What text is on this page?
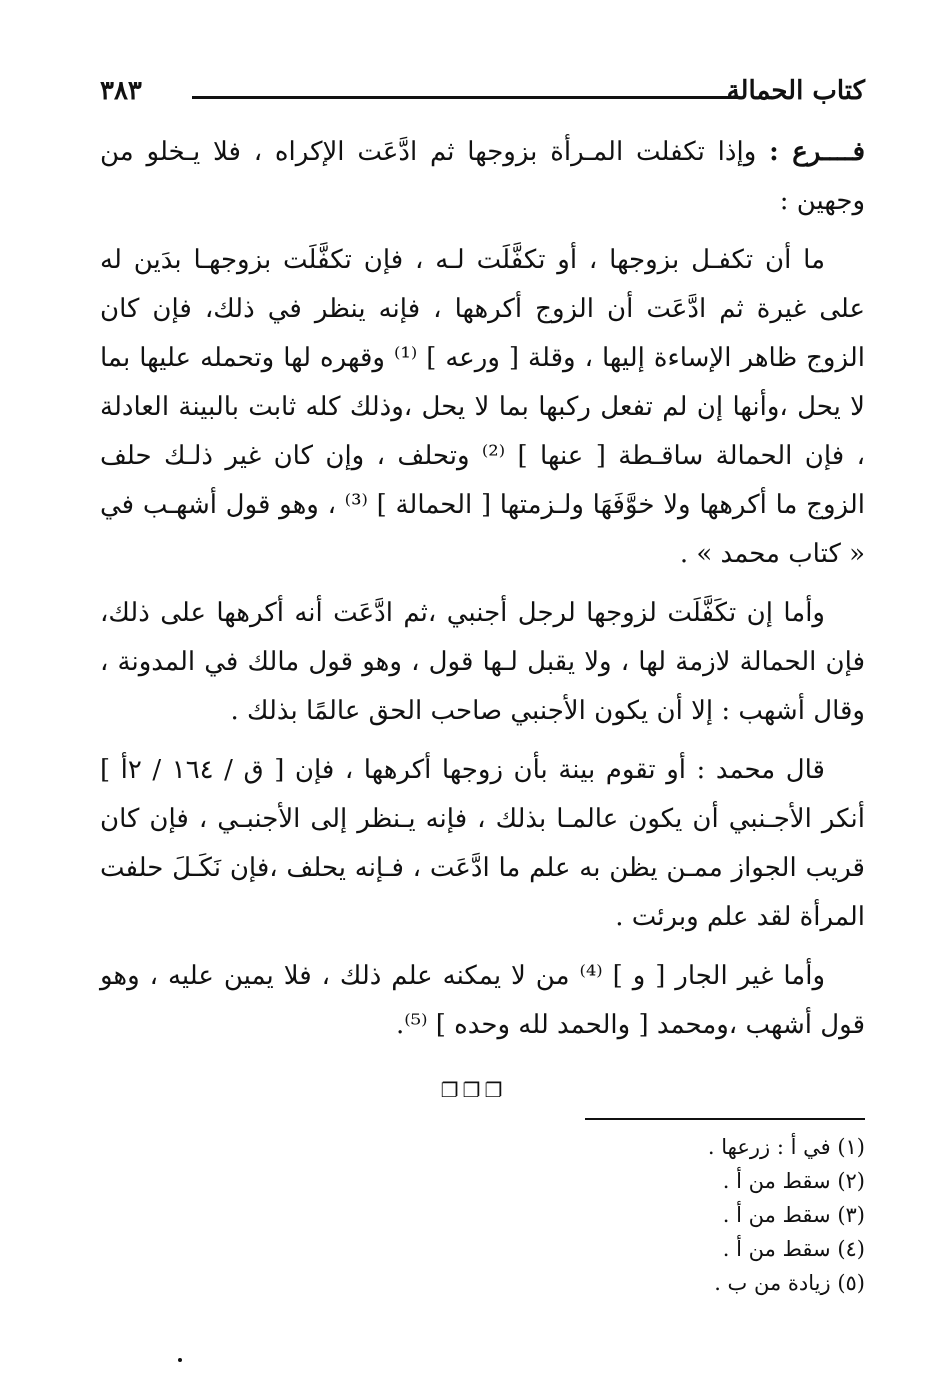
كتاب الحمالة
٣٨٣

فــــرع : وإذا تكفلت المـرأة بزوجها ثم ادَّعَت الإكراه ، فلا يـخلو من وجهين :

ما أن تكفـل بزوجها ، أو تكفَّلَت لـه ، فإن تكفَّلَت بزوجهـا بدَين له على غيرة ثم ادَّعَت أن الزوج أكرهها ، فإنه ينظر في ذلك، فإن كان الزوج ظاهر الإساءة إليها ، وقلة [ ورعه ] ⁽¹⁾ وقهره لها وتحمله عليها بما لا يحل ،وأنها إن لم تفعل ركبها بما لا يحل ،وذلك كله ثابت بالبينة العادلة ، فإن الحمالة ساقـطة [ عنها ] ⁽²⁾ وتحلف ، وإن كان غير ذلـك حلف الزوج ما أكرهها ولا خوَّفَهَا ولـزمتها [ الحمالة ] ⁽³⁾ ، وهو قول أشهـب في « كتاب محمد » .

وأما إن تكَفَّلَت لزوجها لرجل أجنبي ،ثم ادَّعَت أنه أكرهها على ذلك، فإن الحمالة لازمة لها ، ولا يقبل لـها قول ، وهو قول مالك في المدونة ، وقال أشهب : إلا أن يكون الأجنبي صاحب الحق عالمًا بذلك .

قال محمد : أو تقوم بينة بأن زوجها أكرهها ، فإن [ ق / ١٦٤ / ٢أ ] أنكر الأجـنبي أن يكون عالمـا بذلك ، فإنه يـنظر إلى الأجنبـي ، فإن كان قريب الجواز ممـن يظن به علم ما ادَّعَت ، فـإنه يحلف ،فإن نَكَـلَ حلفت المرأة لقد علم وبرئت .

وأما غير الجار [ و ] ⁽⁴⁾ من لا يمكنه علم ذلك ، فلا يمين عليه ، وهو قول أشهب ،ومحمد [ والحمد لله وحده ] ⁽⁵⁾.

❐❐❐

(١) في أ : زرعها .

(٢) سقط من أ .

(٣) سقط من أ .

(٤) سقط من أ .

(٥) زيادة من ب .
